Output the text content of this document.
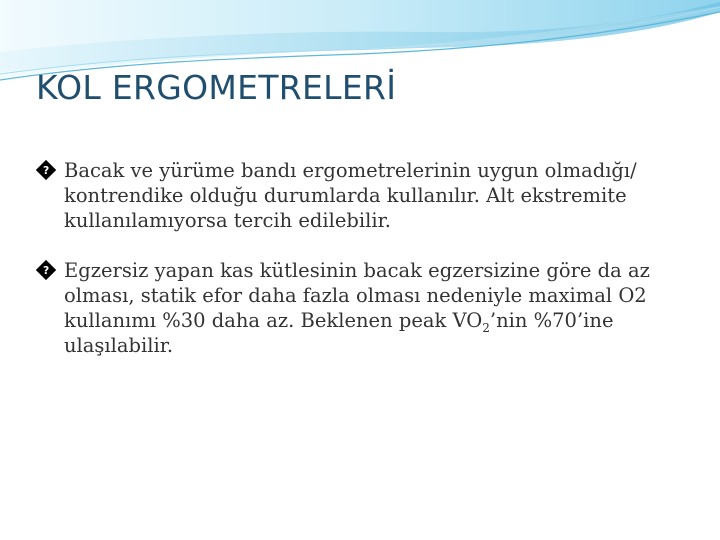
KOL ERGOMETRELERİ
? Bacak ve yürüme bandı ergometrelerinin uygun olmadığı/ kontrendike olduğu durumlarda kullanılır. Alt ekstremite kullanılamıyorsa tercih edilebilir.
? Egzersiz yapan kas kütlesinin bacak egzersizine göre da az olması, statik efor daha fazla olması nedeniyle maximal O2 kullanımı %30 daha az. Beklenen peak $VO_2’nin$ %70’ine ulaşılabilir.
